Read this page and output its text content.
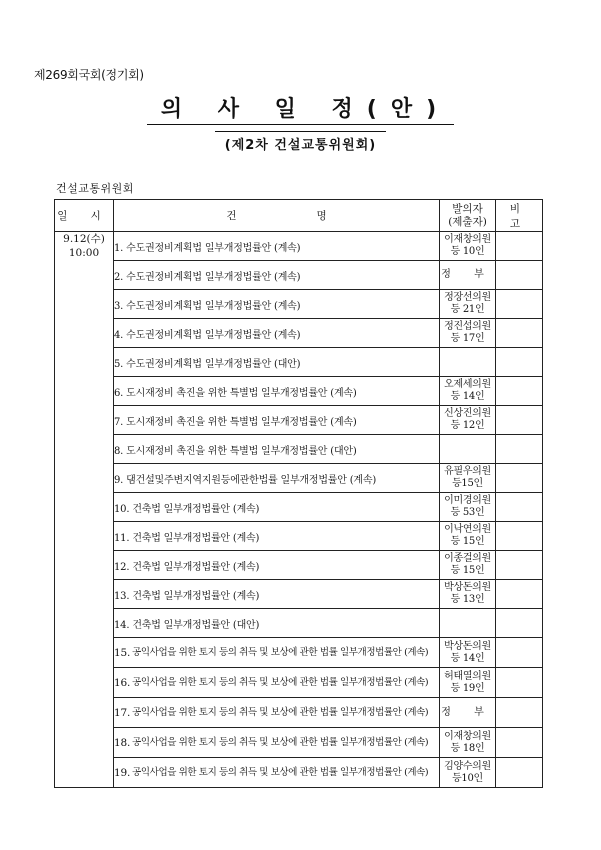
제269회국회(정기회)
의 사 일 정(안)
(제2차 건설교통위원회)
건설교통위원회
일 시	건 명	발의자
(제출자)	비 고

9.12(수)
10:00	1. 수도권정비계획법 일부개정법률안 (계속)	이재창의원
등 10인	

	2. 수도권정비계획법 일부개정법률안 (계속)	정 부	

	3. 수도권정비계획법 일부개정법률안 (계속)	정장선의원
등 21인	

	4. 수도권정비계획법 일부개정법률안 (계속)	정진섭의원
등 17인	

	5. 수도권정비계획법 일부개정법률안 (대안)	

	6. 도시재정비 촉진을 위한 특별법 일부개정법률안 (계속)	오제세의원
등 14인	

	7. 도시재정비 촉진을 위한 특별법 일부개정법률안 (계속)	신상진의원
등 12인	

	8. 도시재정비 촉진을 위한 특별법 일부개정법률안 (대안)	

	9. 댐건설및주변지역지원등에관한법률 일부개정법률안 (계속)	유필우의원
등15인	

	10. 건축법 일부개정법률안 (계속)	이미경의원
등 53인	

	11. 건축법 일부개정법률안 (계속)	이낙연의원
등 15인	

	12. 건축법 일부개정법률안 (계속)	이종걸의원
등 15인	

	13. 건축법 일부개정법률안 (계속)	박상돈의원
등 13인	

	14. 건축법 일부개정법률안 (대안)	

	15. 공익사업을 위한 토지 등의 취득 및 보상에 관한 법률 일부개정법률안 (계속)	박상돈의원
등 14인	

	16. 공익사업을 위한 토지 등의 취득 및 보상에 관한 법률 일부개정법률안 (계속)	허태열의원
등 19인	

	17. 공익사업을 위한 토지 등의 취득 및 보상에 관한 법률 일부개정법률안 (계속)	정 부	

	18. 공익사업을 위한 토지 등의 취득 및 보상에 관한 법률 일부개정법률안 (계속)	이재창의원
등 18인	

	19. 공익사업을 위한 토지 등의 취득 및 보상에 관한 법률 일부개정법률안 (계속)	김양수의원
등10인	
